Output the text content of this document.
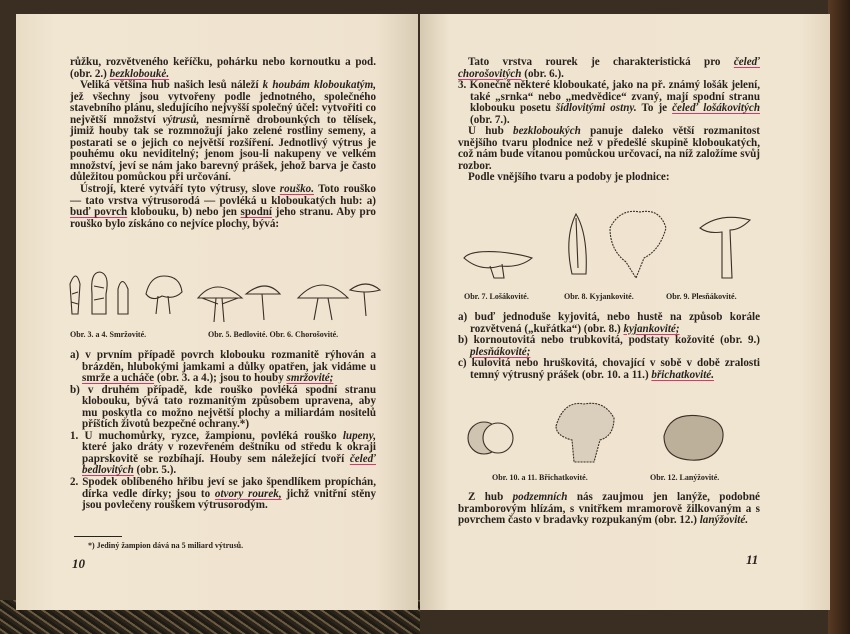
růžku, rozvětveného keříčku, pohárku nebo kornoutku a pod. (obr. 2.) bezkloboukė.

Veliká většina hub našich lesů náleží k houbám kloboukatým, jež všechny jsou vytvořeny podle jednotného, společného stavebního plánu, sledujícího nejvyšší společný účel: vytvořiti co největší množství výtrusů, nesmírně drobounkých to tělísek, jimiž houby tak se rozmnožují jako zelené rostliny semeny, a postarati se o jejich co největší rozšíření. Jednotlivý výtrus je pouhému oku neviditelný; jenom jsou-li nakupeny ve velkém množství, jeví se nám jako barevný prášek, jehož barva je často důležitou pomůckou při určování.

Ústrojí, které vytváří tyto výtrusy, slove rouško. Toto rouško — tato vrstva výtrusorodá — povléká u kloboukatých hub: a) buď povrch klobouku, b) nebo jen spodní jeho stranu. Aby pro rouško bylo získáno co nejvíce plochy, bývá:

Obr. 3. a 4. Smržovité.	Obr. 5. Bedlovité. Obr. 6. Chorošovité.

a) v prvním případě povrch klobouku rozmanitě rýhován a brázděn, hlubokými jamkami a důlky opatřen, jak vidáme u smrže a ucháče (obr. 3. a 4.); jsou to houby smržovité;

b) v druhém případě, kde rouško povléká spodní stranu klobouku, bývá tato rozmanitým způsobem upravena, aby mu poskytla co možno největší plochy a miliardám nositelů příštích životů bezpečné ochrany.*)

1. U muchomůrky, ryzce, žampionu, povléká rouško lupeny, které jako dráty v rozevřeném deštníku od středu k okraji paprskovitě se rozbíhají. Houby sem náležející tvoří čeleď bedlovitých (obr. 5.).

2. Spodek oblíbeného hřibu jeví se jako špendlíkem propíchán, dírka vedle dírky; jsou to otvory rourek, jichž vnitřní stěny jsou povlečeny rouškem výtrusorodým.

*) Jediný žampion dává na 5 miliard výtrusů.
10

Tato vrstva rourek je charakteristická pro čeleď chorošovitých (obr. 6.).

3. Konečně některé kloboukaté, jako na př. známý lošák jelení, také „srnka“ nebo „medvědice“ zvaný, mají spodní stranu klobouku posetu šídlovitými ostny. To je čeleď lošákovitých (obr. 7.).

U hub bezkloboukých panuje daleko větší rozmanitost vnějšího tvaru plodnice než v předešlé skupině kloboukatých, což nám bude vítanou pomůckou určovací, na níž založíme svůj rozbor.

Podle vnějšího tvaru a podoby je plodnice:

Obr. 7. Lošákovité.	Obr. 8. Kyjankovité.	Obr. 9. Plesňákovité.

a) buď jednoduše kyjovitá, nebo hustě na způsob korále rozvětvená („kuřátka“) (obr. 8.) kyjankovité;

b) kornoutovitá nebo trubkovitá, podstaty kožovité (obr. 9.) plesňákovité;

c) kulovitá nebo hruškovitá, chovající v sobě v době zralosti temný výtrusný prášek (obr. 10. a 11.) břichatkovité.

Obr. 10. a 11. Břichatkovité.	Obr. 12. Lanýžovité.

Z hub podzemních nás zaujmou jen lanýže, podobné bramborovým hlízám, s vnitřkem mramorově žilkovaným a s povrchem často v bradavky rozpukaným (obr. 12.) lanýžovité.

11
